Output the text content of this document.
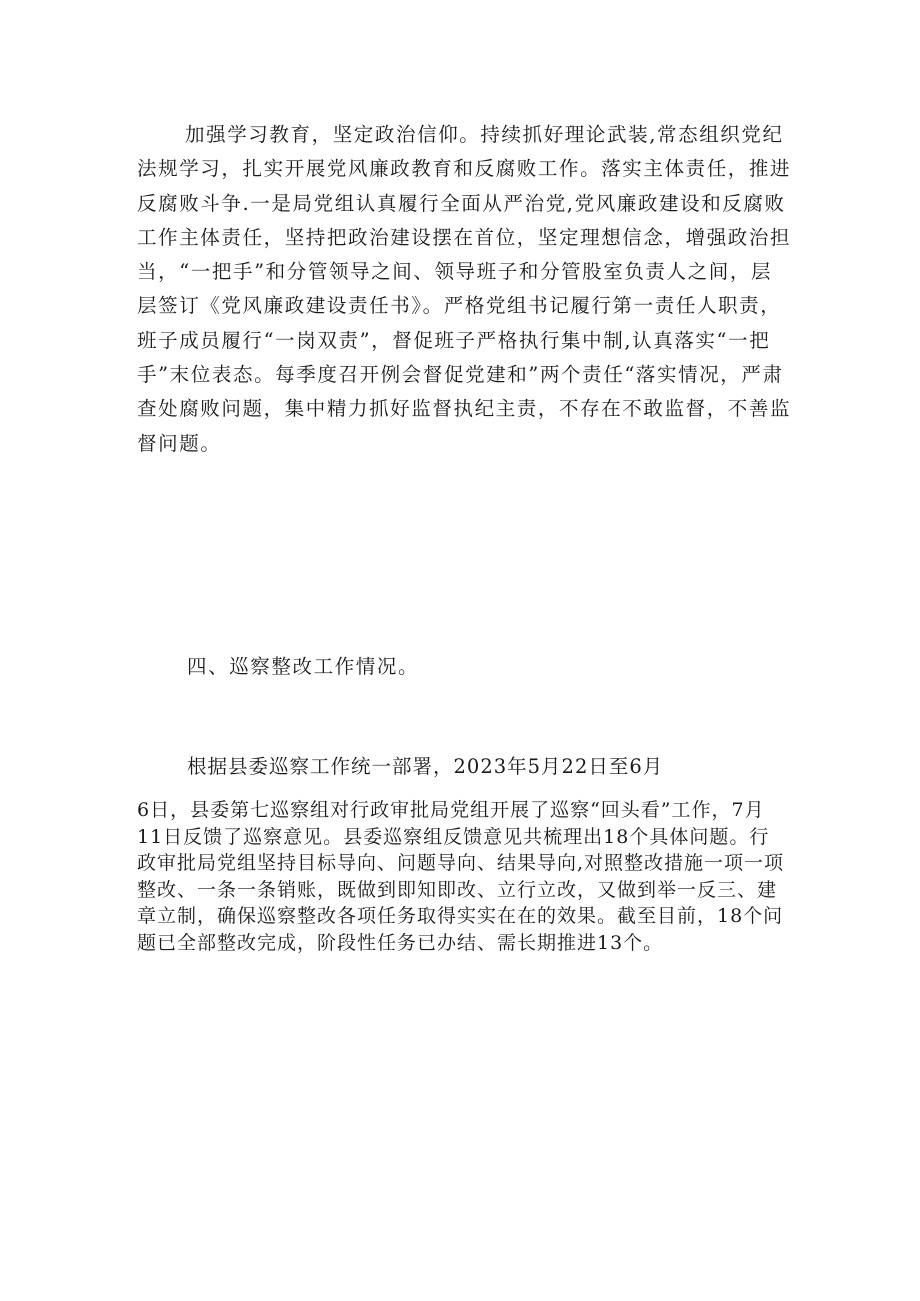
加强学习教育，坚定政治信仰。持续抓好理论武装,常态组织党纪法规学习，扎实开展党风廉政教育和反腐败工作。落实主体责任，推进反腐败斗争.一是局党组认真履行全面从严治党,党风廉政建设和反腐败工作主体责任，坚持把政治建设摆在首位，坚定理想信念，增强政治担当，“一把手”和分管领导之间、领导班子和分管股室负责人之间，层层签订《党风廉政建设责任书》。严格党组书记履行第一责任人职责，班子成员履行“一岗双责”，督促班子严格执行集中制,认真落实“一把手”末位表态。每季度召开例会督促党建和”两个责任“落实情况，严肃查处腐败问题，集中精力抓好监督执纪主责，不存在不敢监督，不善监督问题。

四、巡察整改工作情况。

根据县委巡察工作统一部署，2023年5月22日至6月

6日，县委第七巡察组对行政审批局党组开展了巡察“回头看”工作，7月11日反馈了巡察意见。县委巡察组反馈意见共梳理出18个具体问题。行政审批局党组坚持目标导向、问题导向、结果导向,对照整改措施一项一项整改、一条一条销账，既做到即知即改、立行立改，又做到举一反三、建章立制，确保巡察整改各项任务取得实实在在的效果。截至目前，18个问题已全部整改完成，阶段性任务已办结、需长期推进13个。
